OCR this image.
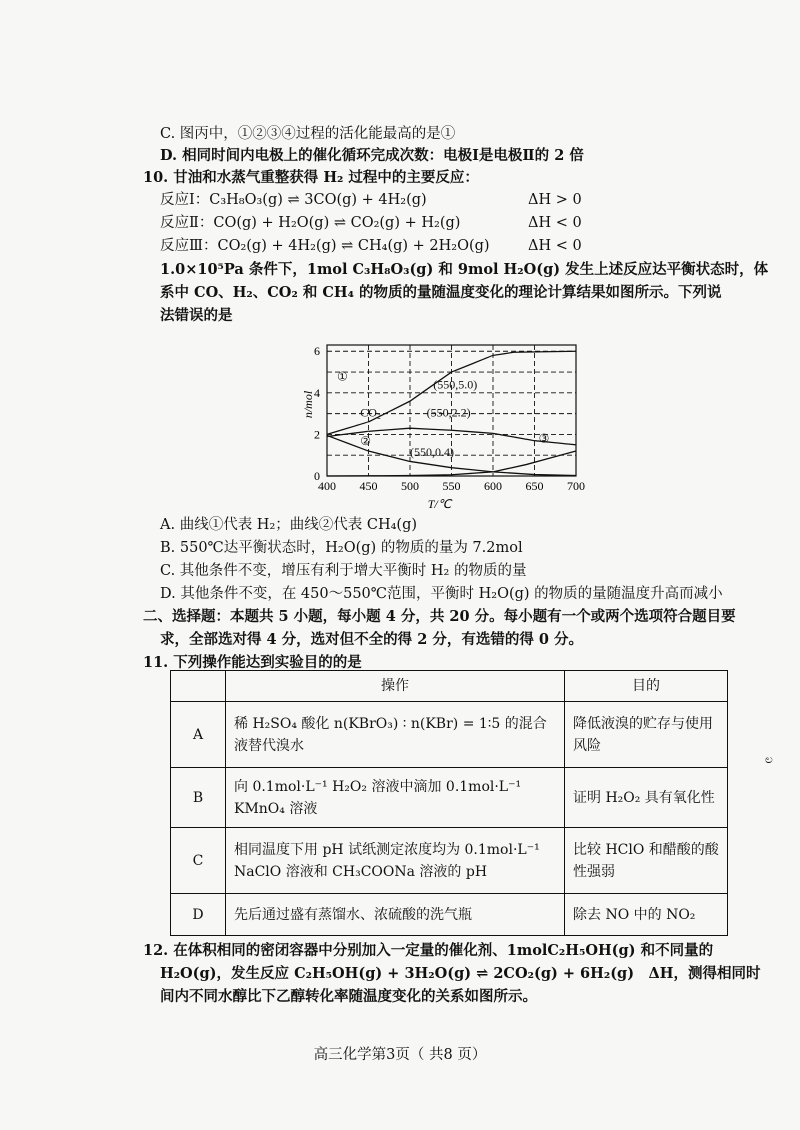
C. 图丙中，①②③④过程的活化能最高的是①
D. 相同时间内电极上的催化循环完成次数：电极Ⅰ是电极Ⅱ的 2 倍
10. 甘油和水蒸气重整获得 H₂ 过程中的主要反应：
反应Ⅰ：C₃H₈O₃(g) ⇌ 3CO(g) + 4H₂(g)	ΔH > 0
反应Ⅱ：CO(g) + H₂O(g) ⇌ CO₂(g) + H₂(g)	ΔH < 0
反应Ⅲ：CO₂(g) + 4H₂(g) ⇌ CH₄(g) + 2H₂O(g)	ΔH < 0
1.0×10⁵Pa 条件下，1mol C₃H₈O₃(g) 和 9mol H₂O(g) 发生上述反应达平衡状态时，体
系中 CO、H₂、CO₂ 和 CH₄ 的物质的量随温度变化的理论计算结果如图所示。下列说
法错误的是
400 450 500 550 600 650 700
0
2
4
6
T/℃
n/mol
①
(550,5.0)
CO₂	(550,2.2)
②	③
(550,0.4)
A. 曲线①代表 H₂；曲线②代表 CH₄(g)
B. 550℃达平衡状态时，H₂O(g) 的物质的量为 7.2mol
C. 其他条件不变，增压有利于增大平衡时 H₂ 的物质的量
D. 其他条件不变，在 450～550℃范围，平衡时 H₂O(g) 的物质的量随温度升高而减小
二、选择题：本题共 5 小题，每小题 4 分，共 20 分。每小题有一个或两个选项符合题目要
求，全部选对得 4 分，选对但不全的得 2 分，有选错的得 0 分。
11. 下列操作能达到实验目的的是
	操作	目的
A	稀 H₂SO₄ 酸化 n(KBrO₃) ∶ n(KBr) = 1∶5 的混合
液替代溴水	降低液溴的贮存与使用
风险
B	向 0.1mol·L⁻¹ H₂O₂ 溶液中滴加 0.1mol·L⁻¹
KMnO₄ 溶液	证明 H₂O₂ 具有氧化性
C	相同温度下用 pH 试纸测定浓度均为 0.1mol·L⁻¹
NaClO 溶液和 CH₃COONa 溶液的 pH	比较 HClO 和醋酸的酸
性强弱
D	先后通过盛有蒸馏水、浓硫酸的洗气瓶	除去 NO 中的 NO₂
ಲ
12. 在体积相同的密闭容器中分别加入一定量的催化剂、1molC₂H₅OH(g) 和不同量的
H₂O(g)，发生反应 C₂H₅OH(g) + 3H₂O(g) ⇌ 2CO₂(g) + 6H₂(g)　ΔH，测得相同时
间内不同水醇比下乙醇转化率随温度变化的关系如图所示。
高三化学第3页（ 共8 页）
